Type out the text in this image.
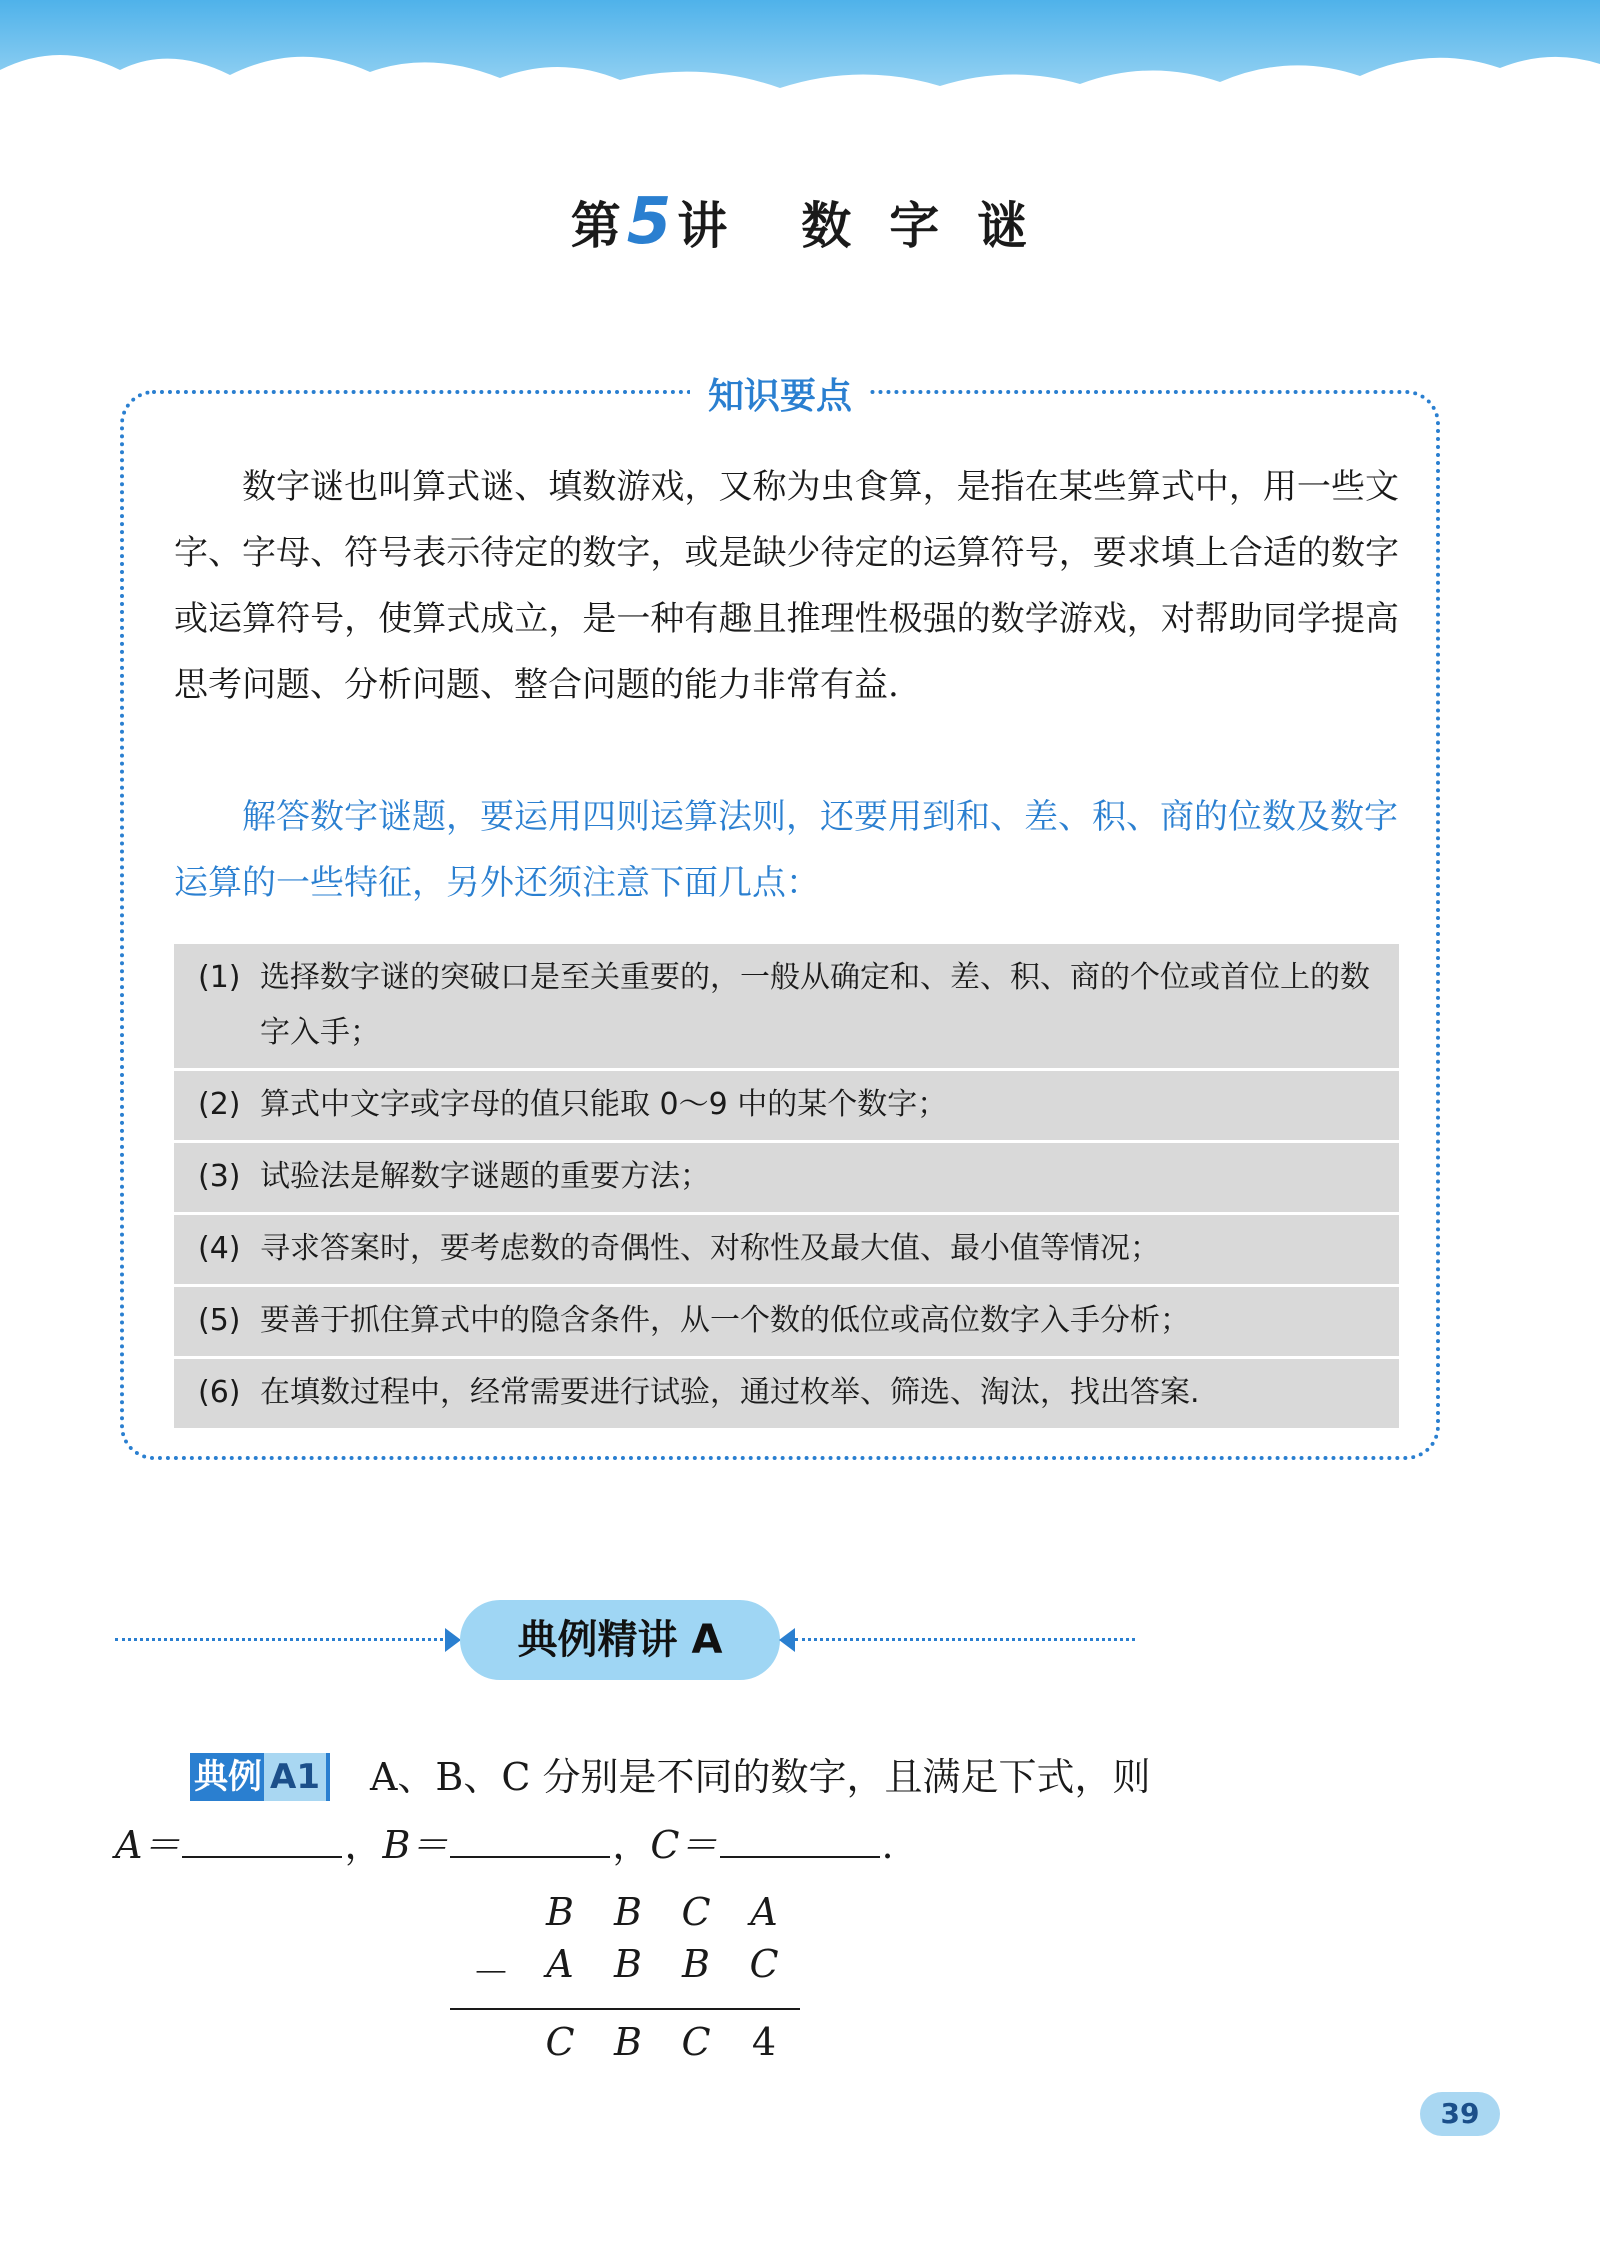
第5讲 数 字 谜
知识要点
数字谜也叫算式谜、填数游戏，又称为虫食算，是指在某些算式中，用一些文字、字母、符号表示待定的数字，或是缺少待定的运算符号，要求填上合适的数字或运算符号，使算式成立，是一种有趣且推理性极强的数学游戏，对帮助同学提高思考问题、分析问题、整合问题的能力非常有益.
解答数字谜题，要运用四则运算法则，还要用到和、差、积、商的位数及数字运算的一些特征，另外还须注意下面几点：
(1) 选择数字谜的突破口是至关重要的，一般从确定和、差、积、商的个位或首位上的数字入手；
(2) 算式中文字或字母的值只能取 0～9 中的某个数字；
(3) 试验法是解数字谜题的重要方法；
(4) 寻求答案时，要考虑数的奇偶性、对称性及最大值、最小值等情况；
(5) 要善于抓住算式中的隐含条件，从一个数的低位或高位数字入手分析；
(6) 在填数过程中，经常需要进行试验，通过枚举、筛选、淘汰，找出答案.
典例精讲 A
典例 A1 A、B、C 分别是不同的数字，且满足下式，则
A＝	，B＝	，C＝	.
B B C A
－ A B B C
C B C 4
39
